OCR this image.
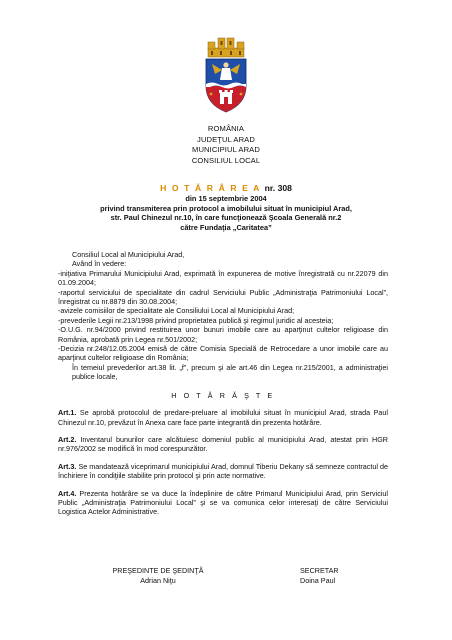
ROMÂNIA
JUDEŢUL ARAD
MUNICIPIUL ARAD
CONSILIUL LOCAL
H O T Ă R Â R E A nr. 308
din 15 septembrie 2004
privind transmiterea prin protocol a imobilului situat în municipiul Arad,
str. Paul Chinezul nr.10, în care funcţionează Şcoala Generală nr.2
către Fundaţia „Caritatea”

Consiliul Local al Municipiului Arad,

Având în vedere:

-iniţiativa Primarului Municipiului Arad, exprimată în expunerea de motive înregistrată cu nr.22079 din 01.09.2004;

-raportul serviciului de specialitate din cadrul Serviciului Public „Administraţia Patrimoniului Local”, înregistrat cu nr.8879 din 30.08.2004;

-avizele comisiilor de specialitate ale Consiliului Local al Municipiului Arad;

-prevederile Legii nr.213/1998 privind proprietatea publică şi regimul juridic al acesteia;

-O.U.G. nr.94/2000 privind restituirea unor bunuri imobile care au aparţinut cultelor religioase din România, aprobată prin Legea nr.501/2002;

-Decizia nr.248/12.05.2004 emisă de către Comisia Specială de Retrocedare a unor imobile care au aparţinut cultelor religioase din România;

În temeiul prevederilor art.38 lit. „f”, precum şi ale art.46 din Legea nr.215/2001, a administraţiei publice locale,

H O T Ă R Ă Ş T E

Art.1. Se aprobă protocolul de predare-preluare al imobilului situat în municipiul Arad, strada Paul Chinezul nr.10, prevăzut în Anexa care face parte integrantă din prezenta hotărâre.

Art.2. Inventarul bunurilor care alcătuiesc domeniul public al municipiului Arad, atestat prin HGR nr.976/2002 se modifică în mod corespunzător.

Art.3. Se mandatează viceprimarul municipiului Arad, domnul Tiberiu Dekany să semneze contractul de închiriere în condiţiile stabilite prin protocol şi prin acte normative.

Art.4. Prezenta hotărâre se va duce la îndeplinire de către Primarul Municipiului Arad, prin Serviciul Public „Administraţia Patrimoniului Local” şi se va comunica celor interesaţi de către Serviciului Logistica Actelor Administrative.

PREŞEDINTE DE ŞEDINŢĂ
Adrian Niţu
SECRETAR
Doina Paul
